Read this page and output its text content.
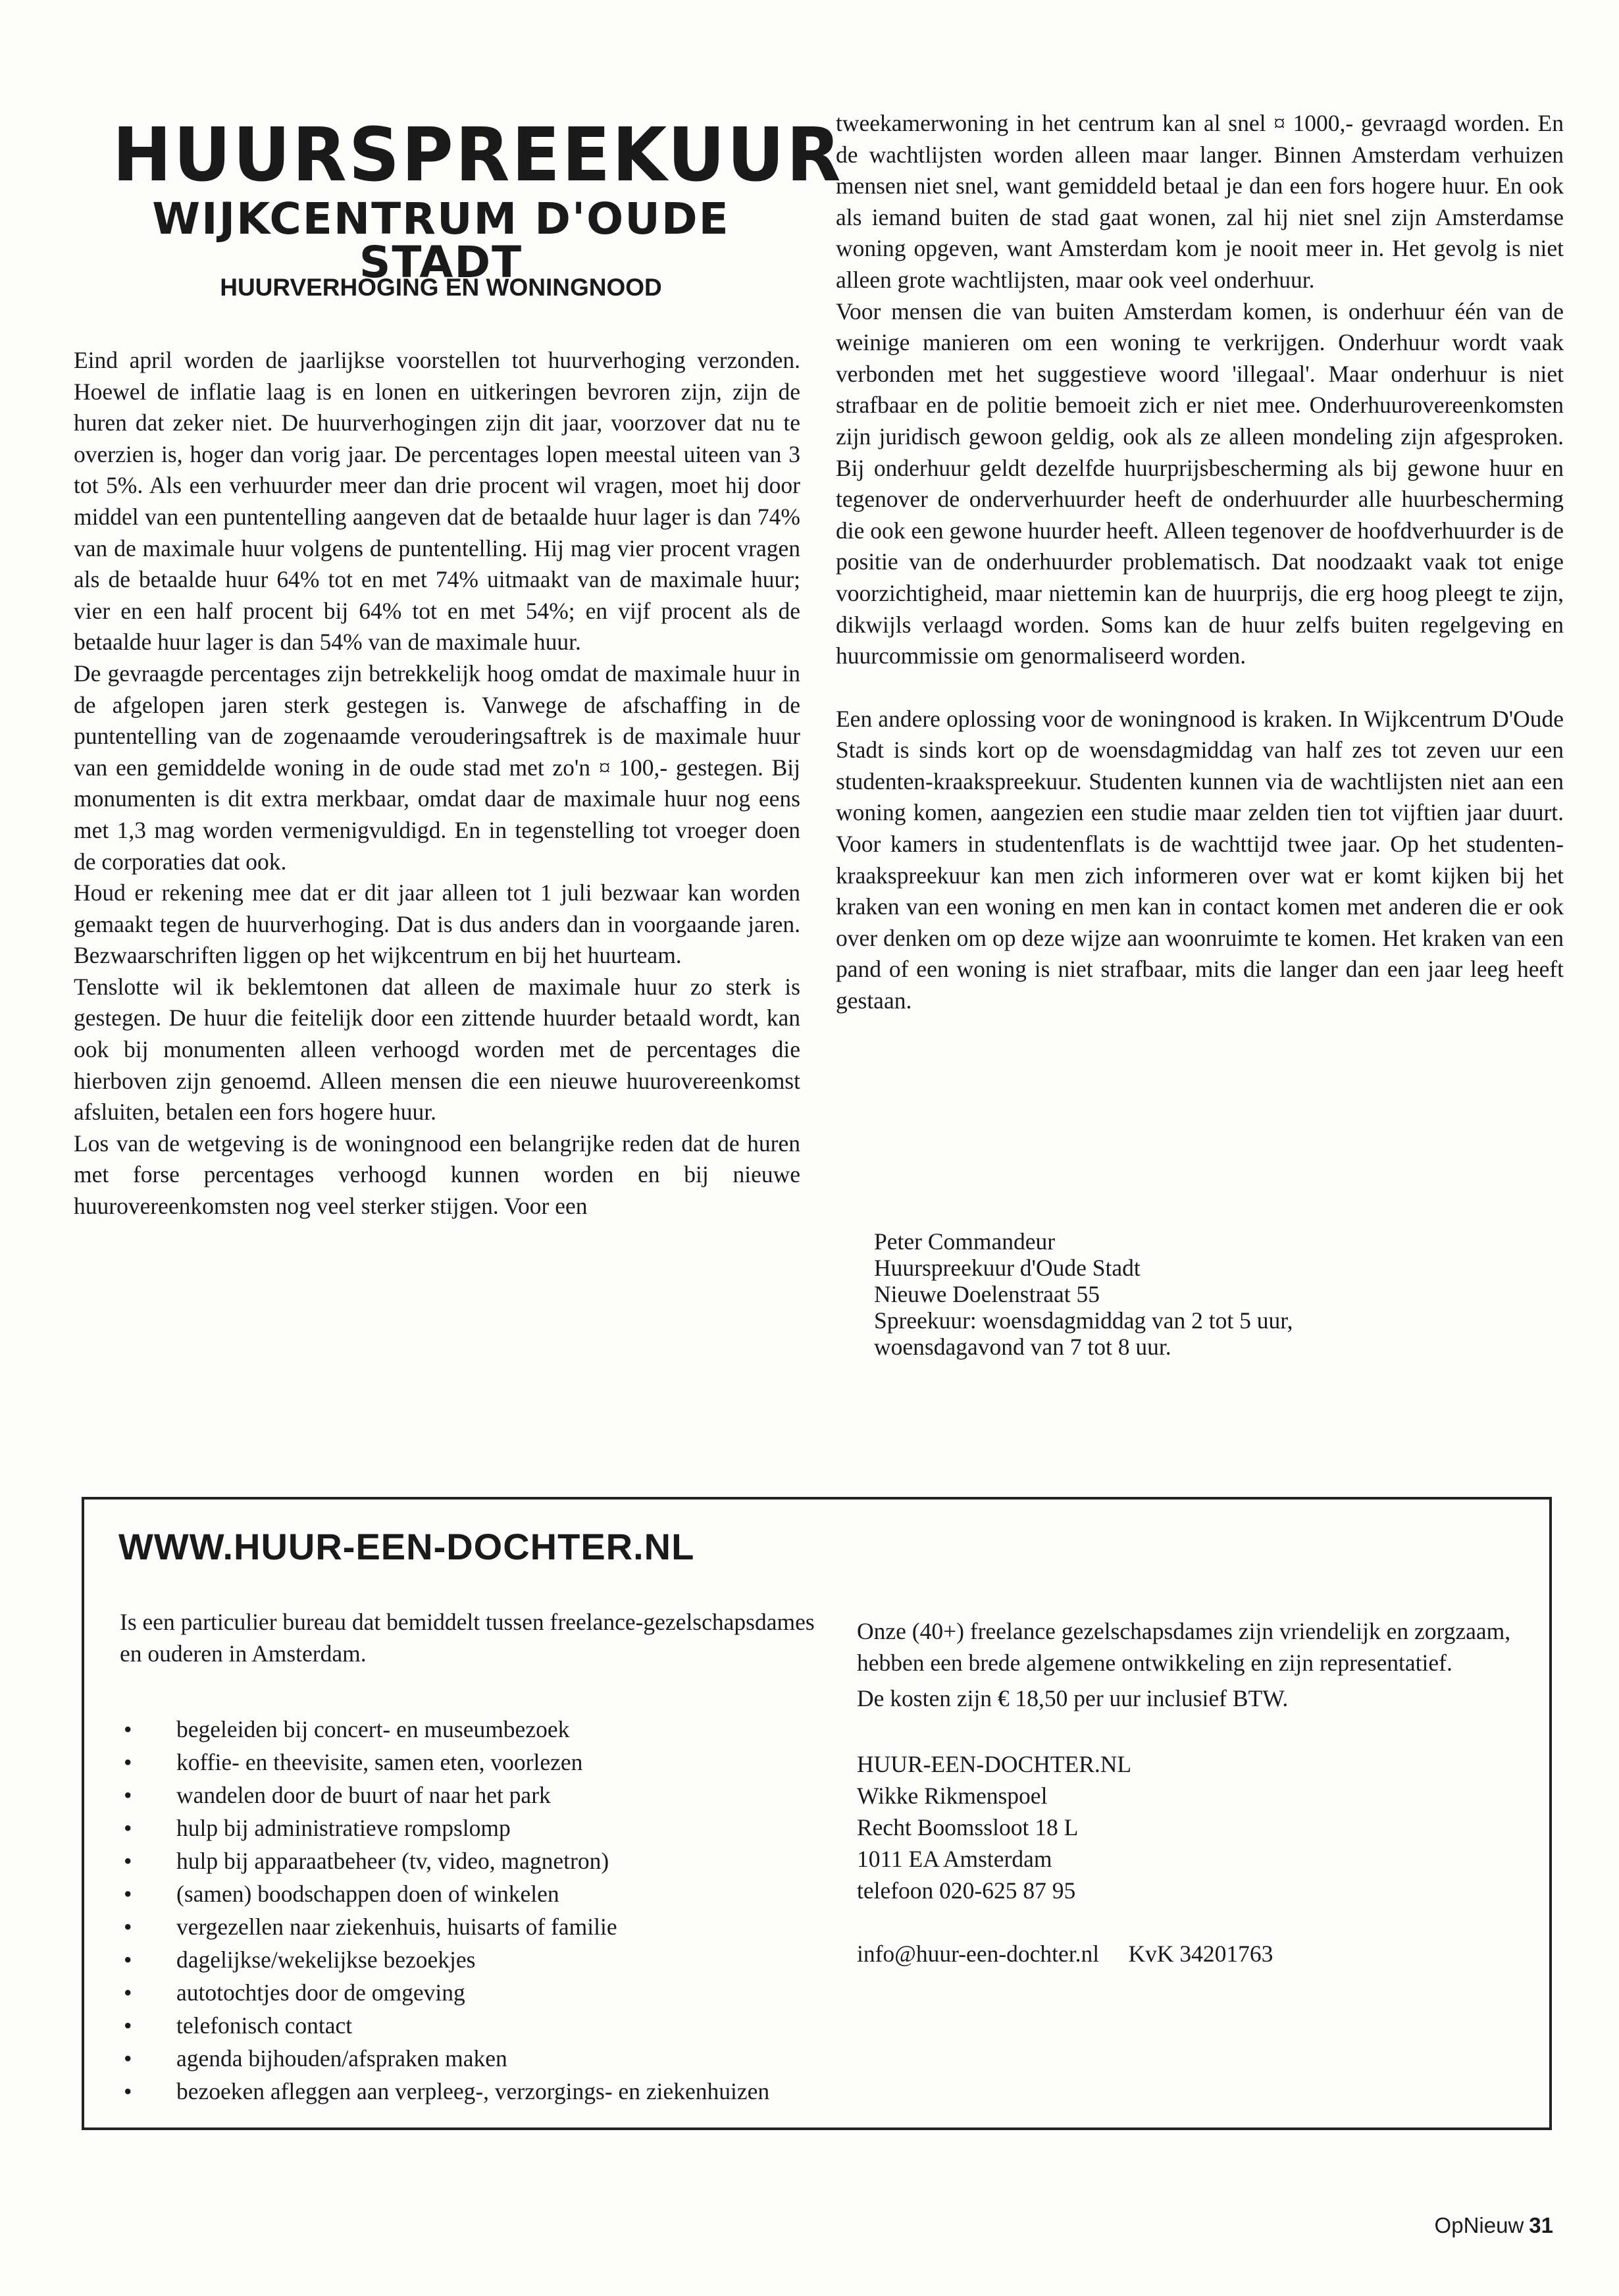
HUURSPREEKUUR
WIJKCENTRUM D'OUDE STADT
HUURVERHOGING EN WONINGNOOD

Eind april worden de jaarlijkse voorstellen tot huurverhoging verzonden. Hoewel de inflatie laag is en lonen en uitkeringen bevroren zijn, zijn de huren dat zeker niet. De huurverhogingen zijn dit jaar, voorzover dat nu te overzien is, hoger dan vorig jaar. De percentages lopen meestal uiteen van 3 tot 5%. Als een verhuurder meer dan drie procent wil vragen, moet hij door middel van een puntentelling aangeven dat de betaalde huur lager is dan 74% van de maximale huur volgens de puntentelling. Hij mag vier procent vragen als de betaalde huur 64% tot en met 74% uitmaakt van de maximale huur; vier en een half procent bij 64% tot en met 54%; en vijf procent als de betaalde huur lager is dan 54% van de maximale huur.

De gevraagde percentages zijn betrekkelijk hoog omdat de maximale huur in de afgelopen jaren sterk gestegen is. Vanwege de afschaffing in de puntentelling van de zogenaamde verouderingsaftrek is de maximale huur van een gemiddelde woning in de oude stad met zo'n ¤ 100,- gestegen. Bij monumenten is dit extra merkbaar, omdat daar de maximale huur nog eens met 1,3 mag worden vermenigvuldigd. En in tegenstelling tot vroeger doen de corporaties dat ook.

Houd er rekening mee dat er dit jaar alleen tot 1 juli bezwaar kan worden gemaakt tegen de huurverhoging. Dat is dus anders dan in voorgaande jaren. Bezwaarschriften liggen op het wijkcentrum en bij het huurteam.

Tenslotte wil ik beklemtonen dat alleen de maximale huur zo sterk is gestegen. De huur die feitelijk door een zittende huurder betaald wordt, kan ook bij monumenten alleen verhoogd worden met de percentages die hierboven zijn genoemd. Alleen mensen die een nieuwe huurovereenkomst afsluiten, betalen een fors hogere huur.

Los van de wetgeving is de woningnood een belangrijke reden dat de huren met forse percentages verhoogd kunnen worden en bij nieuwe huurovereenkomsten nog veel sterker stijgen. Voor een

tweekamerwoning in het centrum kan al snel ¤ 1000,- gevraagd worden. En de wachtlijsten worden alleen maar langer. Binnen Amsterdam verhuizen mensen niet snel, want gemiddeld betaal je dan een fors hogere huur. En ook als iemand buiten de stad gaat wonen, zal hij niet snel zijn Amsterdamse woning opgeven, want Amsterdam kom je nooit meer in. Het gevolg is niet alleen grote wachtlijsten, maar ook veel onderhuur.

Voor mensen die van buiten Amsterdam komen, is onderhuur één van de weinige manieren om een woning te verkrijgen. Onderhuur wordt vaak verbonden met het suggestieve woord 'illegaal'. Maar onderhuur is niet strafbaar en de politie bemoeit zich er niet mee. Onderhuurovereenkomsten zijn juridisch gewoon geldig, ook als ze alleen mondeling zijn afgesproken. Bij onderhuur geldt dezelfde huurprijsbescherming als bij gewone huur en tegenover de onderverhuurder heeft de onderhuurder alle huurbescherming die ook een gewone huurder heeft. Alleen tegenover de hoofdverhuurder is de positie van de onderhuurder problematisch. Dat noodzaakt vaak tot enige voorzichtigheid, maar niettemin kan de huurprijs, die erg hoog pleegt te zijn, dikwijls verlaagd worden. Soms kan de huur zelfs buiten regelgeving en huurcommissie om genormaliseerd worden.

Een andere oplossing voor de woningnood is kraken. In Wijkcentrum D'Oude Stadt is sinds kort op de woensdagmiddag van half zes tot zeven uur een studenten-kraakspreekuur. Studenten kunnen via de wachtlijsten niet aan een woning komen, aangezien een studie maar zelden tien tot vijftien jaar duurt. Voor kamers in studentenflats is de wachttijd twee jaar. Op het studenten-kraakspreekuur kan men zich informeren over wat er komt kijken bij het kraken van een woning en men kan in contact komen met anderen die er ook over denken om op deze wijze aan woonruimte te komen. Het kraken van een pand of een woning is niet strafbaar, mits die langer dan een jaar leeg heeft gestaan.

Peter Commandeur
Huurspreekuur d'Oude Stadt
Nieuwe Doelenstraat 55
Spreekuur: woensdagmiddag van 2 tot 5 uur,
woensdagavond van 7 tot 8 uur.
WWW.HUUR-EEN-DOCHTER.NL
Is een particulier bureau dat bemiddelt tussen freelance-gezelschapsdames en ouderen in Amsterdam.
• begeleiden bij concert- en museumbezoek
• koffie- en theevisite, samen eten, voorlezen
• wandelen door de buurt of naar het park
• hulp bij administratieve rompslomp
• hulp bij apparaatbeheer (tv, video, magnetron)
• (samen) boodschappen doen of winkelen
• vergezellen naar ziekenhuis, huisarts of familie
• dagelijkse/wekelijkse bezoekjes
• autotochtjes door de omgeving
• telefonisch contact
• agenda bijhouden/afspraken maken
• bezoeken afleggen aan verpleeg-, verzorgings- en ziekenhuizen

Onze (40+) freelance gezelschapsdames zijn vriendelijk en zorgzaam, hebben een brede algemene ontwikkeling en zijn representatief.

De kosten zijn € 18,50 per uur inclusief BTW.

HUUR-EEN-DOCHTER.NL
Wikke Rikmenspoel
Recht Boomssloot 18 L
1011 EA Amsterdam
telefoon 020-625 87 95

info@huur-een-dochter.nl KvK 34201763

OpNieuw 31
